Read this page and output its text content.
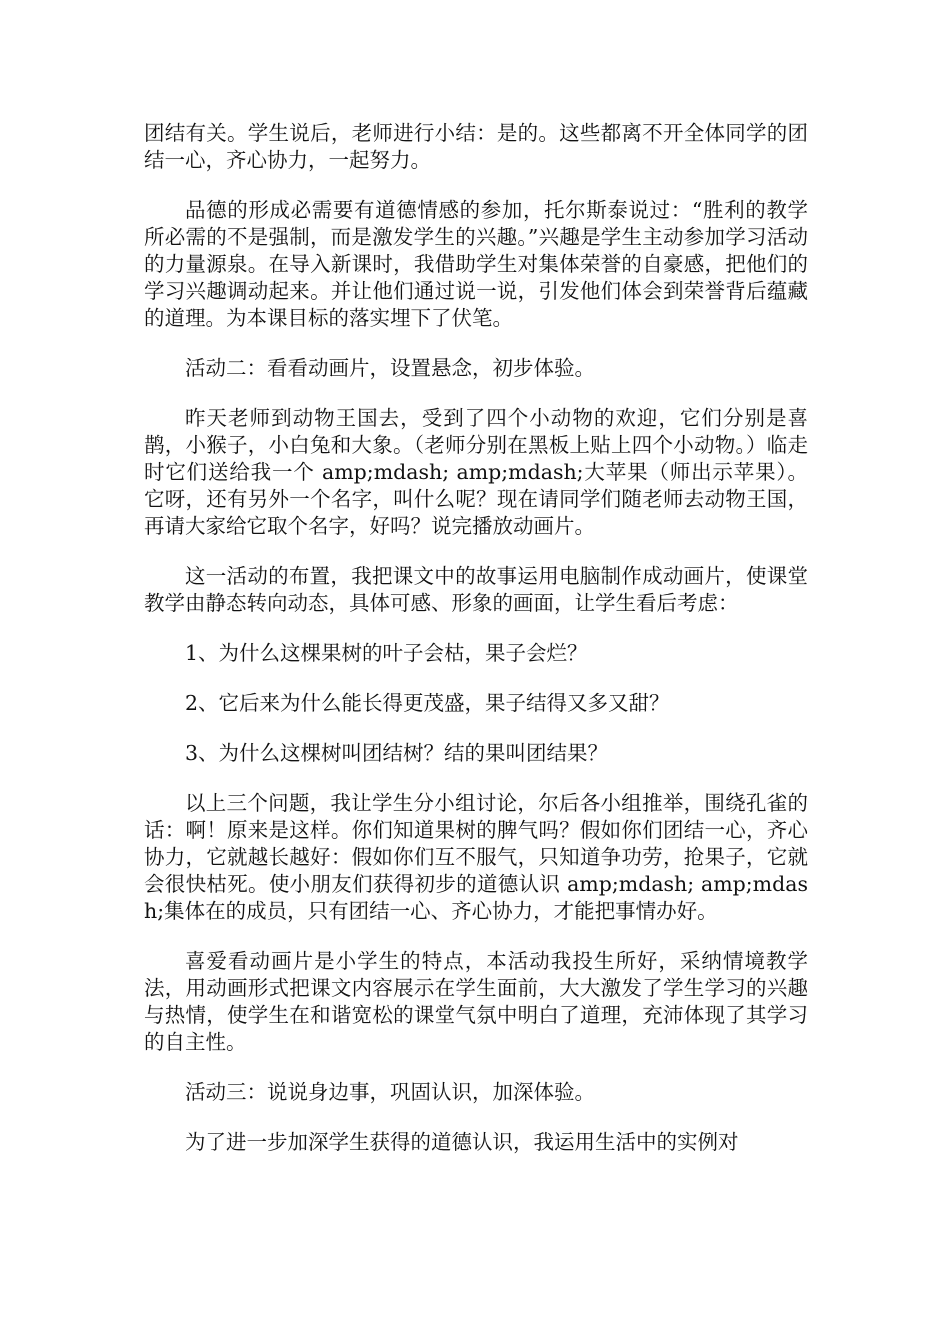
团结有关。学生说后，老师进行小结：是的。这些都离不开全体同学的团结一心，齐心协力，一起努力。

品德的形成必需要有道德情感的参加，托尔斯泰说过：“胜利的教学所必需的不是强制，而是激发学生的兴趣。”兴趣是学生主动参加学习活动的力量源泉。在导入新课时，我借助学生对集体荣誉的自豪感，把他们的学习兴趣调动起来。并让他们通过说一说，引发他们体会到荣誉背后蕴藏的道理。为本课目标的落实埋下了伏笔。

活动二：看看动画片，设置悬念，初步体验。

昨天老师到动物王国去，受到了四个小动物的欢迎，它们分别是喜鹊，小猴子，小白兔和大象。（老师分别在黑板上贴上四个小动物。）临走时它们送给我一个 amp;mdash; amp;mdash;大苹果（师出示苹果）。它呀，还有另外一个名字，叫什么呢？现在请同学们随老师去动物王国，再请大家给它取个名字，好吗？说完播放动画片。

这一活动的布置，我把课文中的故事运用电脑制作成动画片，使课堂教学由静态转向动态，具体可感、形象的画面，让学生看后考虑：

1、为什么这棵果树的叶子会枯，果子会烂？

2、它后来为什么能长得更茂盛，果子结得又多又甜？

3、为什么这棵树叫团结树？结的果叫团结果？

以上三个问题，我让学生分小组讨论，尔后各小组推举，围绕孔雀的话：啊！原来是这样。你们知道果树的脾气吗？假如你们团结一心，齐心协力，它就越长越好：假如你们互不服气，只知道争功劳，抢果子，它就会很快枯死。使小朋友们获得初步的道德认识 amp;mdash; amp;mdash;集体在的成员，只有团结一心、齐心协力，才能把事情办好。

喜爱看动画片是小学生的特点，本活动我投生所好，采纳情境教学法，用动画形式把课文内容展示在学生面前，大大激发了学生学习的兴趣与热情，使学生在和谐宽松的课堂气氛中明白了道理，充沛体现了其学习的自主性。

活动三：说说身边事，巩固认识，加深体验。

为了进一步加深学生获得的道德认识，我运用生活中的实例对
